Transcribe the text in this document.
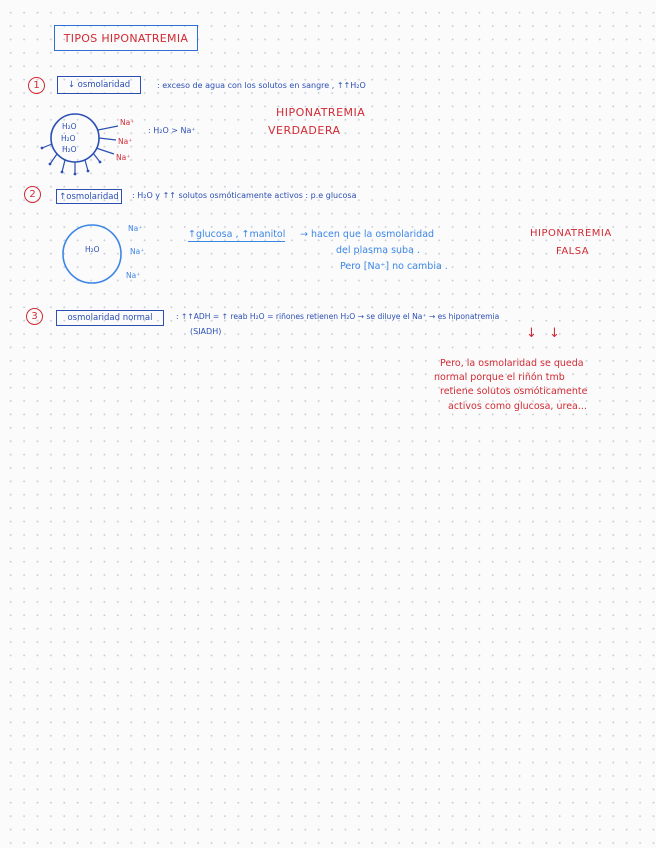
TIPOS HIPONATREMIA
1	↓ osmolaridad	: exceso de agua con los solutos en sangre , ↑↑H₂O
H₂O
H₂O
H₂O
Na⁺
Na⁺
Na⁺
: H₂O > Na⁺
HIPONATREMIA
VERDADERA
2	↑osmolaridad : H₂O y ↑↑ solutos osmóticamente activos : p.e glucosa
H₂O
Na⁺
Na⁺
Na⁺
↑glucosa , ↑manitol → hacen que la osmolaridad
del plasma suba .
Pero [Na⁺] no cambia .
HIPONATREMIA
FALSA
3	osmolaridad normal	: ↑↑ADH = ↑ reab H₂O = riñones retienen H₂O → se diluye el Na⁺ → es hiponatremia
(SIADH)	↓ ↓
Pero, la osmolaridad se queda
normal porque el riñón tmb
retiene solutos osmóticamente
activos como glucosa, urea...
